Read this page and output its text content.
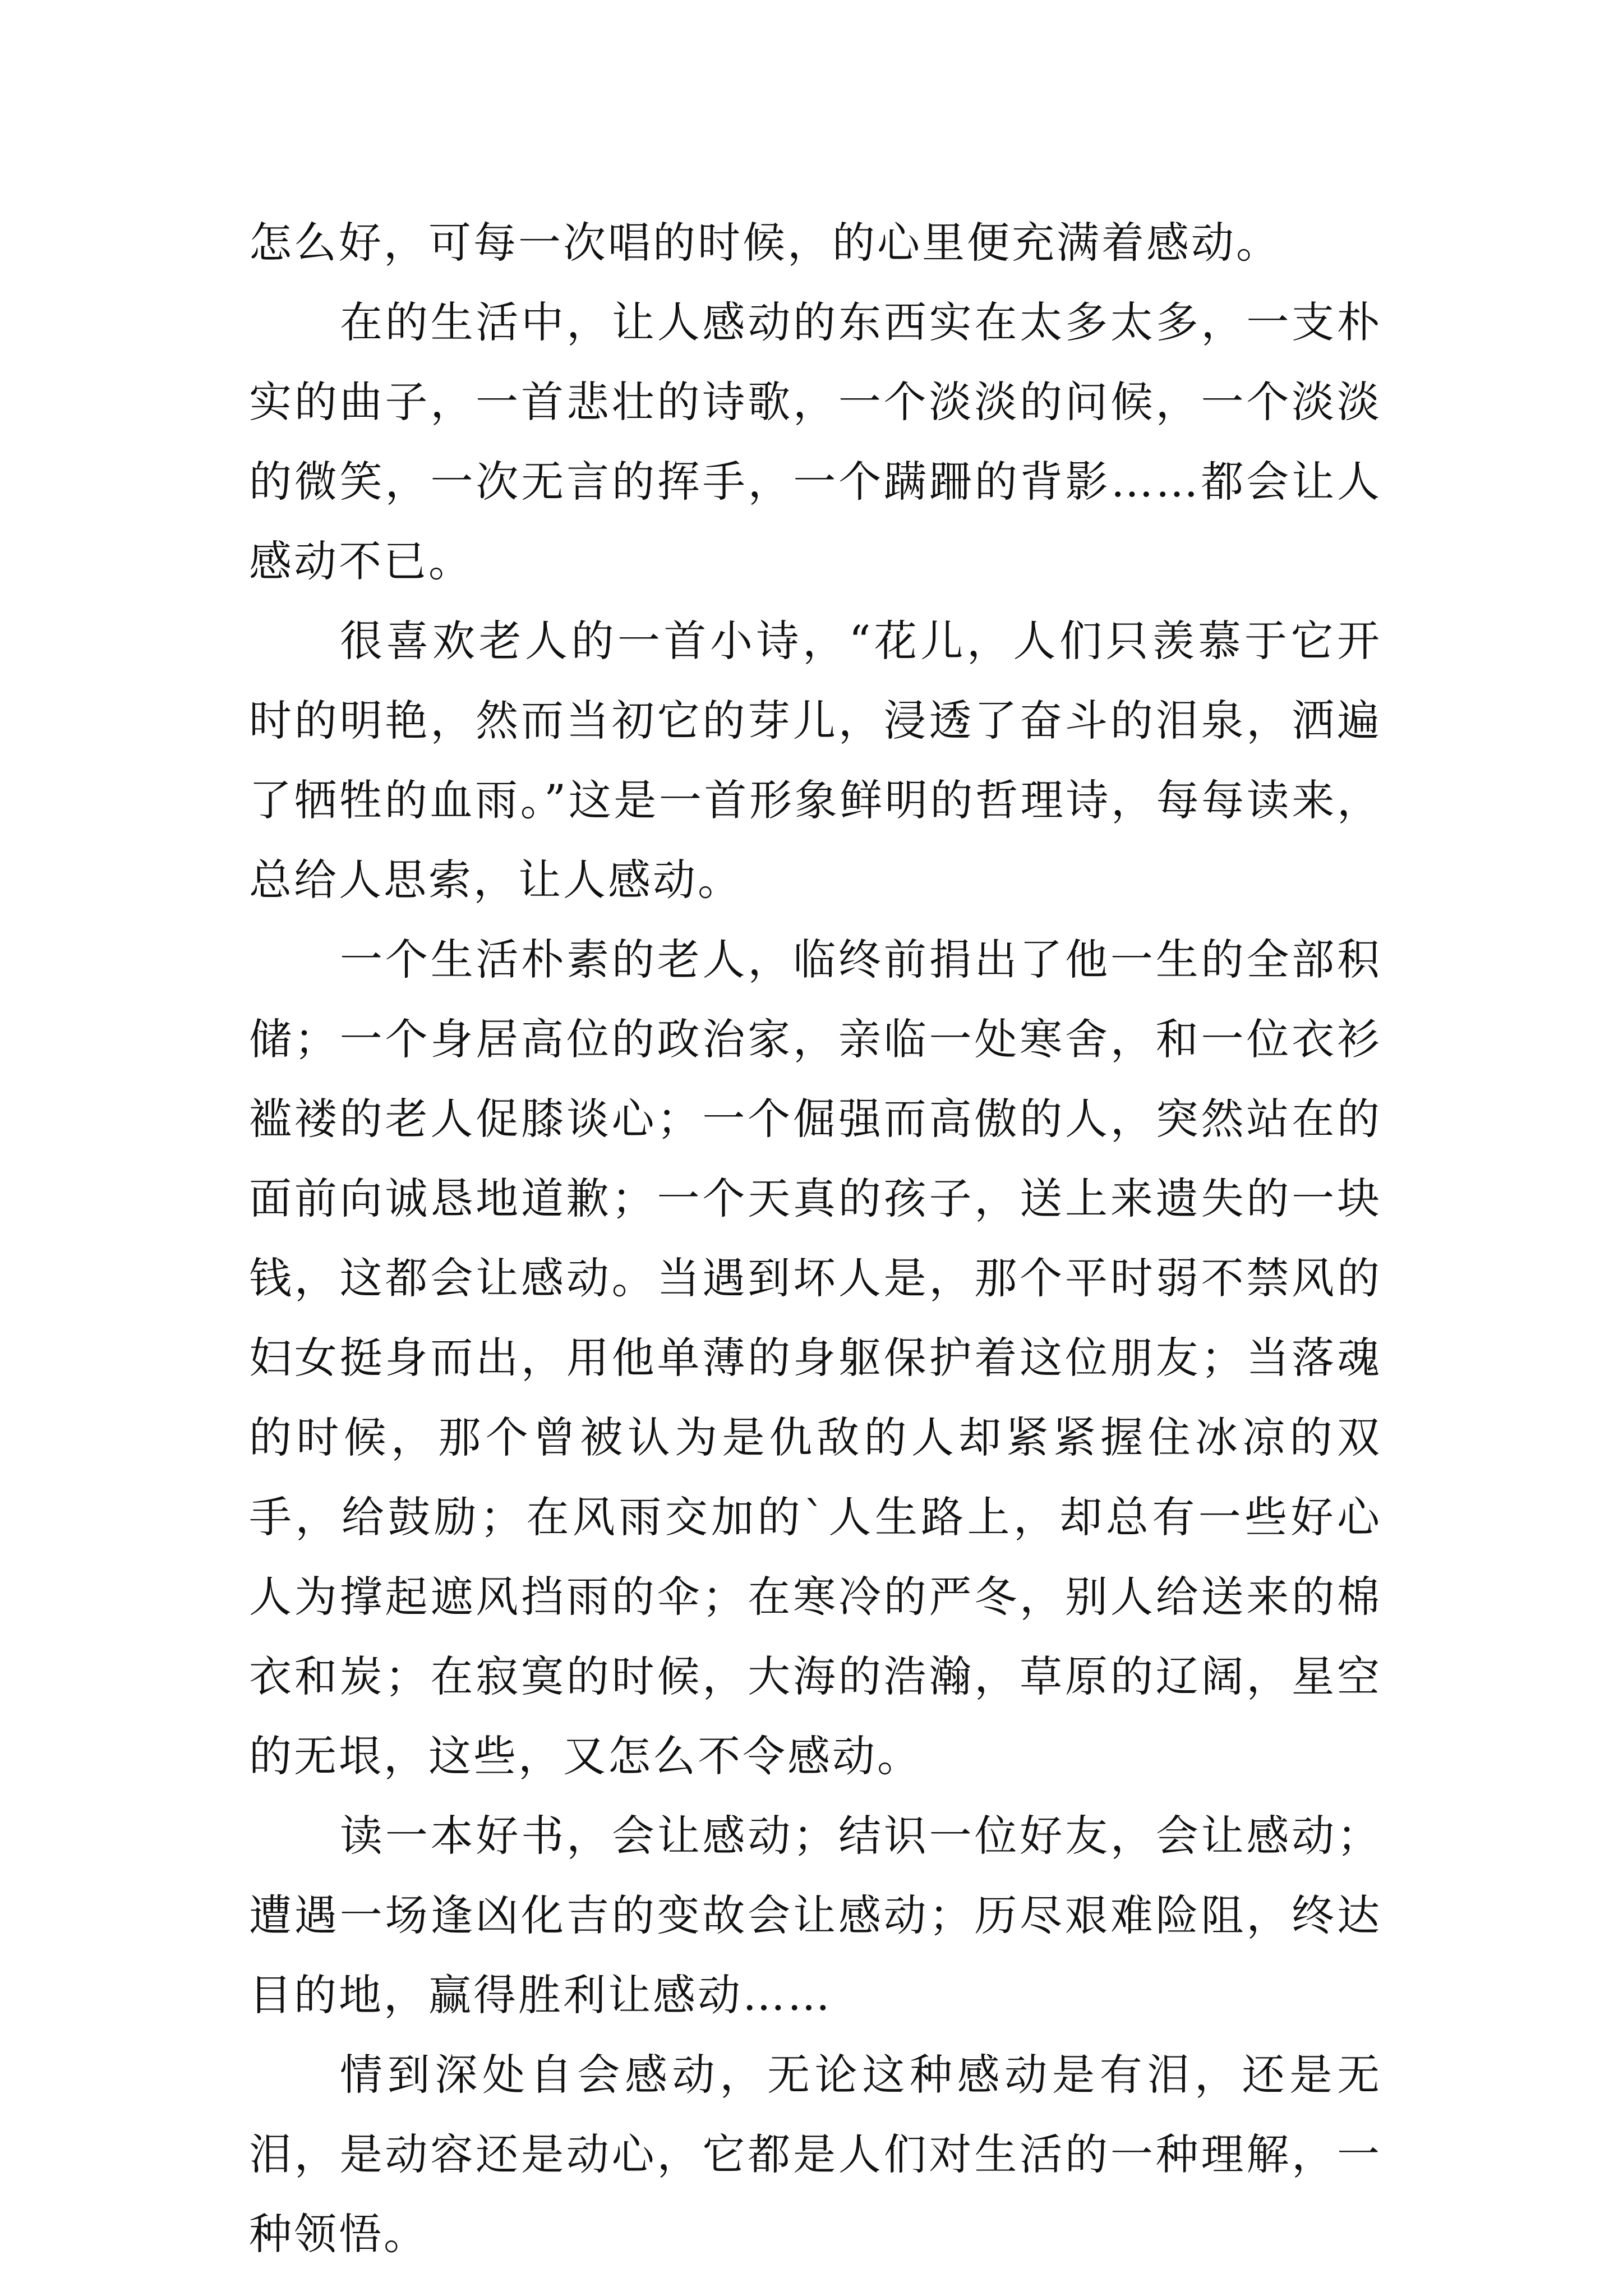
怎么好，可每一次唱的时候，的心里便充满着感动。

在的生活中，让人感动的东西实在太多太多，一支朴实的曲子，一首悲壮的诗歌，一个淡淡的问候，一个淡淡的微笑，一次无言的挥手，一个蹒跚的背影……都会让人感动不已。

很喜欢老人的一首小诗，“花儿，人们只羡慕于它开时的明艳，然而当初它的芽儿，浸透了奋斗的泪泉，洒遍了牺牲的血雨。”这是一首形象鲜明的哲理诗，每每读来，总给人思索，让人感动。

一个生活朴素的老人，临终前捐出了他一生的全部积储；一个身居高位的政治家，亲临一处寒舍，和一位衣衫褴褛的老人促膝谈心；一个倔强而高傲的人，突然站在的面前向诚恳地道歉；一个天真的孩子，送上来遗失的一块钱，这都会让感动。当遇到坏人是，那个平时弱不禁风的妇女挺身而出，用他单薄的身躯保护着这位朋友；当落魂的时候，那个曾被认为是仇敌的人却紧紧握住冰凉的双手，给鼓励；在风雨交加的`人生路上，却总有一些好心人为撑起遮风挡雨的伞；在寒冷的严冬，别人给送来的棉衣和炭；在寂寞的时候，大海的浩瀚，草原的辽阔，星空的无垠，这些，又怎么不令感动。

读一本好书，会让感动；结识一位好友，会让感动；遭遇一场逢凶化吉的变故会让感动；历尽艰难险阻，终达目的地，赢得胜利让感动……

情到深处自会感动，无论这种感动是有泪，还是无泪，是动容还是动心，它都是人们对生活的一种理解，一种领悟。
